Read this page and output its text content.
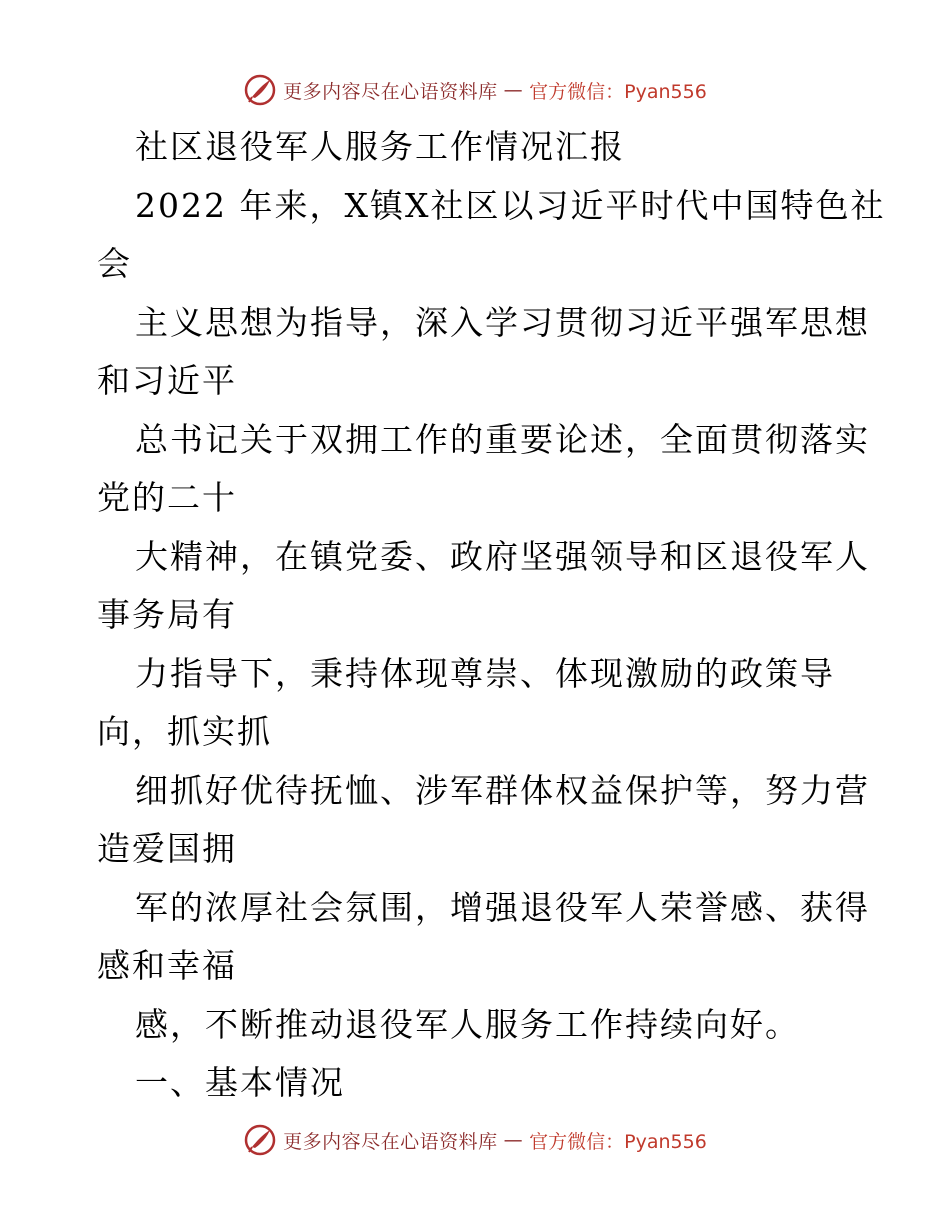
更多内容尽在心语资料库 — 官方微信：Pyan556
社区退役军人服务工作情况汇报
2022 年来，X镇X社区以习近平时代中国特色社
会
主义思想为指导，深入学习贯彻习近平强军思想
和习近平
总书记关于双拥工作的重要论述，全面贯彻落实
党的二十
大精神，在镇党委、政府坚强领导和区退役军人
事务局有
力指导下，秉持体现尊崇、体现激励的政策导
向，抓实抓
细抓好优待抚恤、涉军群体权益保护等，努力营
造爱国拥
军的浓厚社会氛围，增强退役军人荣誉感、获得
感和幸福
感，不断推动退役军人服务工作持续向好。
一、基本情况
更多内容尽在心语资料库 — 官方微信：Pyan556
